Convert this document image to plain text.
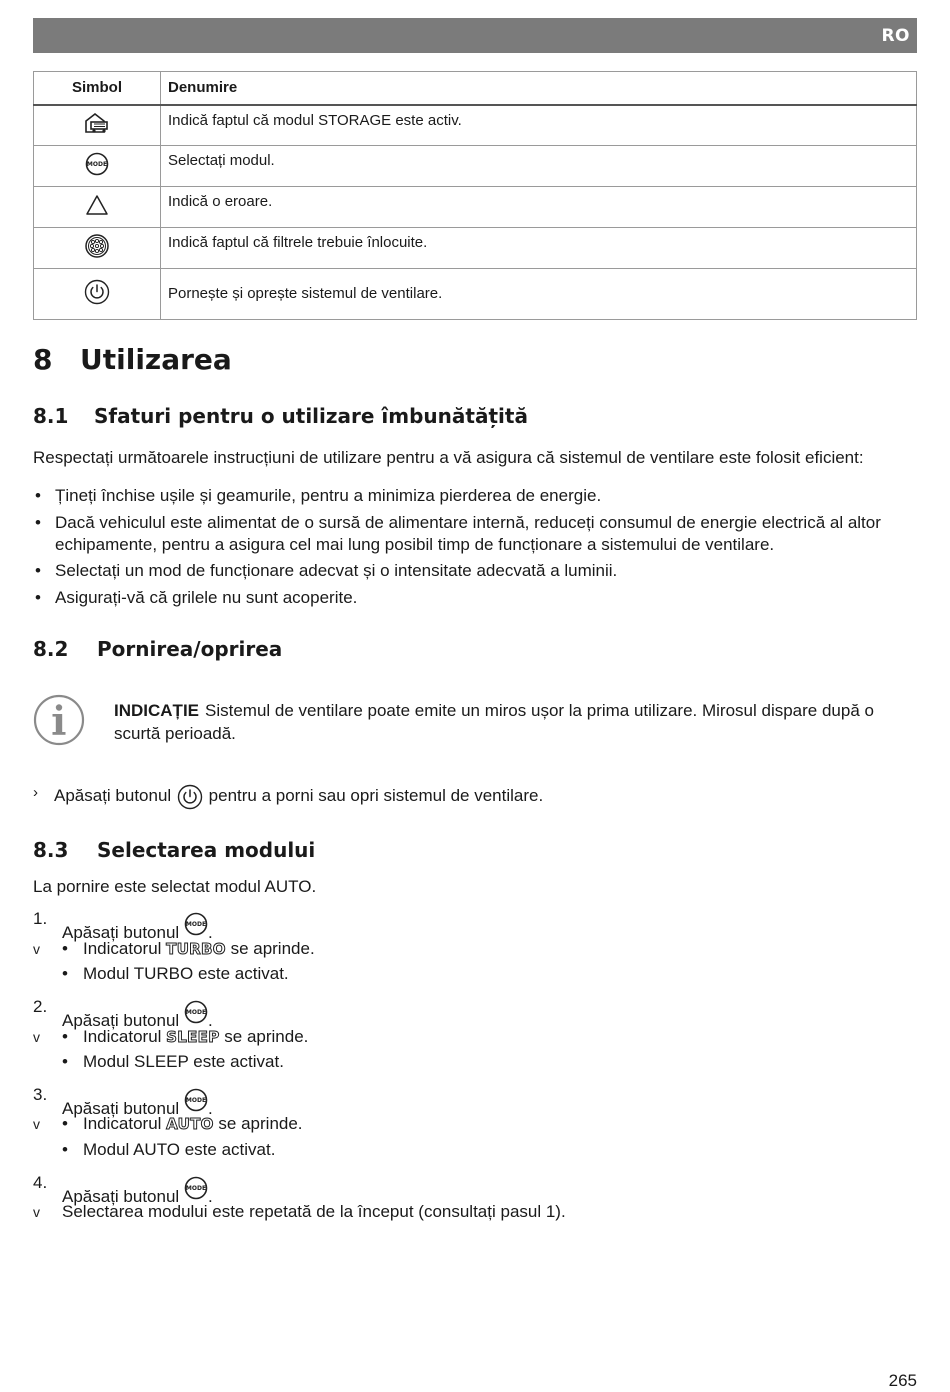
RO
Simbol	Denumire
	Indică faptul că modul STORAGE este activ.

MODE	Selectați modul.
	Indică o eroare.
	Indică faptul că filtrele trebuie înlocuite.
	Pornește și oprește sistemul de ventilare.
8 Utilizarea
8.1 Sfaturi pentru o utilizare îmbunătățită
Respectați următoarele instrucțiuni de utilizare pentru a vă asigura că sistemul de ventilare este folosit eficient:
• Țineți închise ușile și geamurile, pentru a minimiza pierderea de energie.
• Dacă vehiculul este alimentat de o sursă de alimentare internă, reduceți consumul de energie electrică al altor echipamente, pentru a asigura cel mai lung posibil timp de funcționare a sistemului de ventilare.
• Selectați un mod de funcționare adecvat și o intensitate adecvată a luminii.
• Asigurați-vă că grilele nu sunt acoperite.
8.2 Pornirea/oprirea
INDICAȚIE Sistemul de ventilare poate emite un miros ușor la prima utilizare. Mirosul dispare după o scurtă perioadă.
› Apăsați butonul pentru a porni sau opri sistemul de ventilare.
8.3 Selectarea modului
La pornire este selectat modul AUTO.
1.
Apăsați butonul MODE .
v • Indicatorul TURBO se aprinde.
• Modul TURBO este activat.
2.
Apăsați butonul MODE .
v • Indicatorul SLEEP se aprinde.
• Modul SLEEP este activat.
3.
Apăsați butonul MODE .
v • Indicatorul AUTO se aprinde.
• Modul AUTO este activat.
4.
Apăsați butonul MODE .
v Selectarea modului este repetată de la început (consultați pasul 1).
265
